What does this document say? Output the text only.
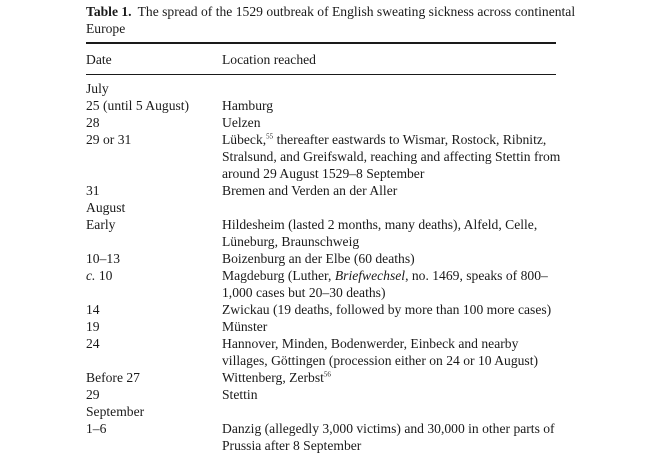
Table 1. The spread of the 1529 outbreak of English sweating sickness across continental Europe
Date	Location reached
July
25 (until 5 August)	Hamburg
28	Uelzen
29 or 31	Lübeck,$^{55}$ thereafter eastwards to Wismar, Rostock, Ribnitz, Stralsund, and Greifswald, reaching and affecting Stettin from around 29 August 1529–8 September
31	Bremen and Verden an der Aller
August
Early	Hildesheim (lasted 2 months, many deaths), Alfeld, Celle, Lüneburg, Braunschweig
10–13	Boizenburg an der Elbe (60 deaths)
c. 10	Magdeburg (Luther, Briefwechsel, no. 1469, speaks of 800–1,000 cases but 20–30 deaths)
14	Zwickau (19 deaths, followed by more than 100 more cases)
19	Münster
24	Hannover, Minden, Bodenwerder, Einbeck and nearby villages, Göttingen (procession either on 24 or 10 August)
Before 27	Wittenberg, Zerbst$^{56}$
29	Stettin
September
1–6	Danzig (allegedly 3,000 victims) and 30,000 in other parts of Prussia after 8 September
